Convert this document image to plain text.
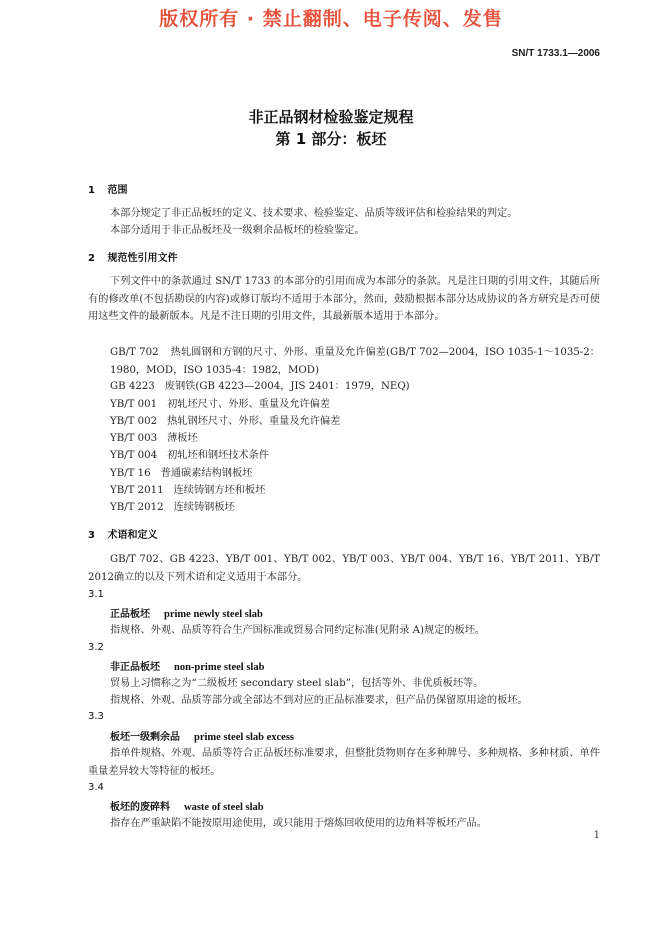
版权所有 · 禁止翻制、电子传阅、发售
SN/T 1733.1—2006
非正品钢材检验鉴定规程
第 1 部分：板坯
1 范围
本部分规定了非正品板坯的定义、技术要求、检验鉴定、品质等级评估和检验结果的判定。
本部分适用于非正品板坯及一级剩余品板坯的检验鉴定。
2 规范性引用文件
下列文件中的条款通过 SN/T 1733 的本部分的引用而成为本部分的条款。凡是注日期的引用文件，其随后所有的修改单(不包括勘误的内容)或修订版均不适用于本部分，然而，鼓励根据本部分达成协议的各方研究是否可使用这些文件的最新版本。凡是不注日期的引用文件，其最新版本适用于本部分。
GB/T 702 热轧圆钢和方钢的尺寸、外形、重量及允许偏差(GB/T 702—2004，ISO 1035-1～1035-2：1980，MOD，ISO 1035-4：1982，MOD)
GB 4223 废钢铁(GB 4223—2004，JIS 2401：1979，NEQ)
YB/T 001 初轧坯尺寸、外形、重量及允许偏差
YB/T 002 热轧钢坯尺寸、外形、重量及允许偏差
YB/T 003 薄板坯
YB/T 004 初轧坯和钢坯技术条件
YB/T 16 普通碳素结构钢板坯
YB/T 2011 连续铸钢方坯和板坯
YB/T 2012 连续铸钢板坯
3 术语和定义
GB/T 702、GB 4223、YB/T 001、YB/T 002、YB/T 003、YB/T 004、YB/T 16、YB/T 2011、YB/T 2012确立的以及下列术语和定义适用于本部分。
3.1
正品板坯 prime newly steel slab
指规格、外观、品质等符合生产国标准或贸易合同约定标准(见附录 A)规定的板坯。
3.2
非正品板坯 non-prime steel slab
贸易上习惯称之为“二级板坯 secondary steel slab”，包括等外、非优质板坯等。
指规格、外观、品质等部分或全部达不到对应的正品标准要求，但产品仍保留原用途的板坯。
3.3
板坯一级剩余品 prime steel slab excess
指单件规格、外观、品质等符合正品板坯标准要求，但整批货物则存在多种牌号、多种规格、多种材质、单件重量差异较大等特征的板坯。
3.4
板坯的废碎料 waste of steel slab
指存在严重缺陷不能按原用途使用，或只能用于熔炼回收使用的边角料等板坯产品。
1
